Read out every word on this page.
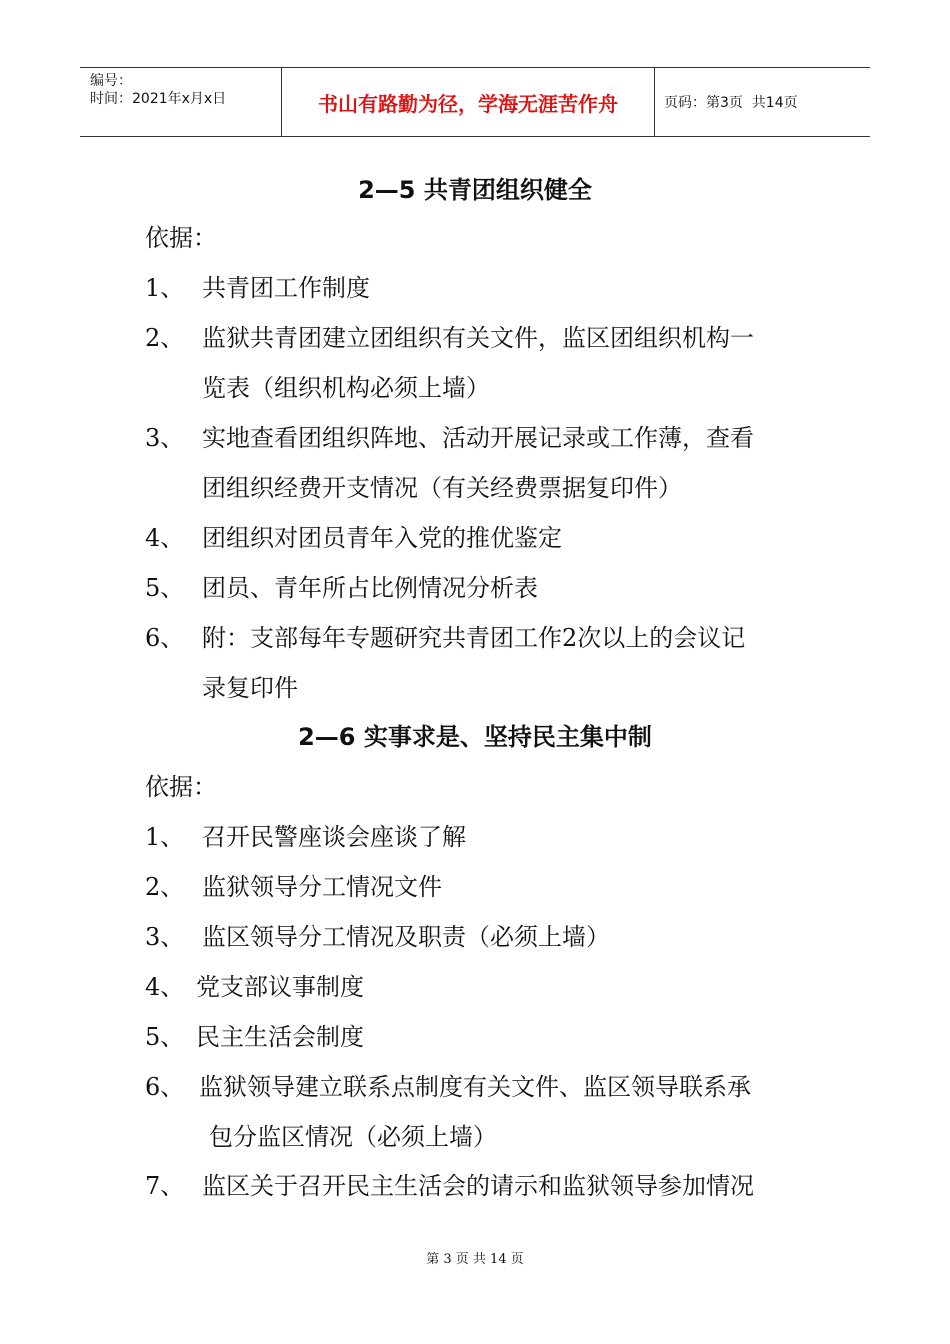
编号：
时间：2021年x月x日	书山有路勤为径，学海无涯苦作舟	页码：第3页  共14页
2—5 共青团组织健全
依据：
1、 共青团工作制度
2、 监狱共青团建立团组织有关文件，监区团组织机构一
览表（组织机构必须上墙）
3、 实地查看团组织阵地、活动开展记录或工作薄，查看
团组织经费开支情况（有关经费票据复印件）
4、 团组织对团员青年入党的推优鉴定
5、 团员、青年所占比例情况分析表
6、 附：支部每年专题研究共青团工作2次以上的会议记
录复印件
2—6 实事求是、坚持民主集中制
依据：
1、 召开民警座谈会座谈了解
2、 监狱领导分工情况文件
3、 监区领导分工情况及职责（必须上墙）
4、 党支部议事制度
5、 民主生活会制度
6、 监狱领导建立联系点制度有关文件、监区领导联系承
包分监区情况（必须上墙）
7、 监区关于召开民主生活会的请示和监狱领导参加情况
第 3 页 共 14 页
